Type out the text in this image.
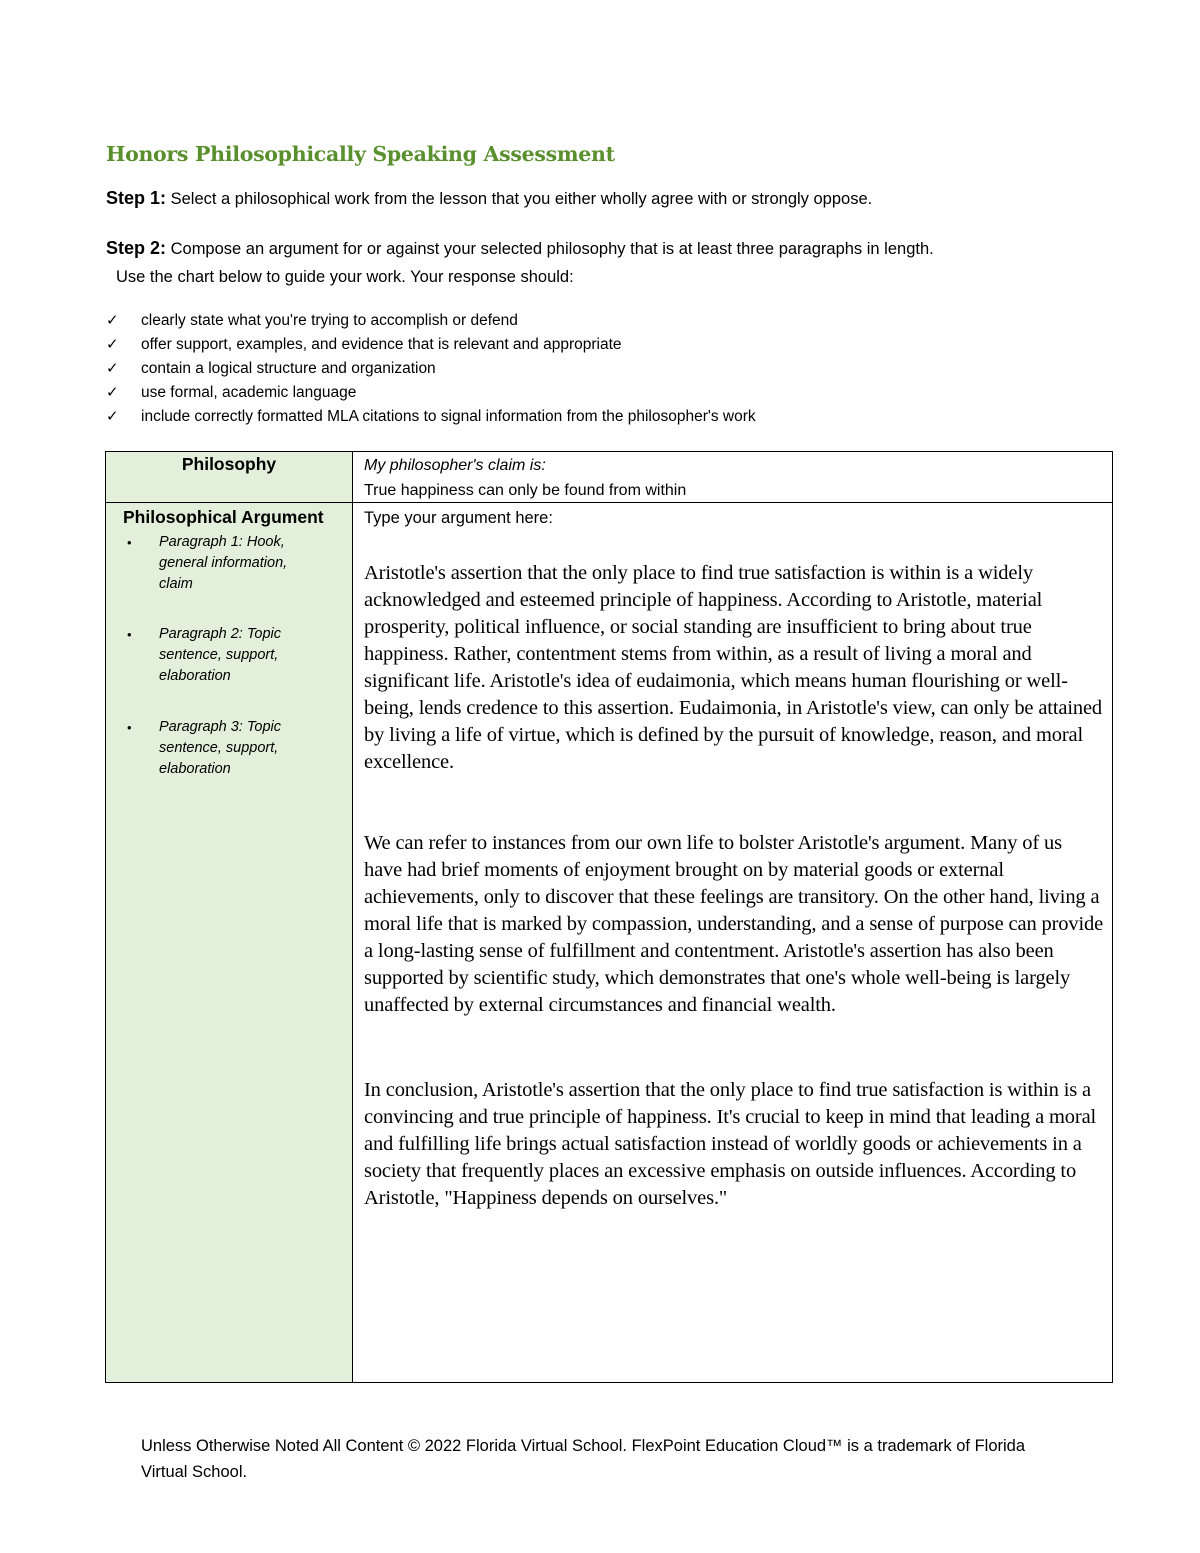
Honors Philosophically Speaking Assessment
Step 1: Select a philosophical work from the lesson that you either wholly agree with or strongly oppose.
Step 2: Compose an argument for or against your selected philosophy that is at least three paragraphs in length.
Use the chart below to guide your work. Your response should:
✓ clearly state what you're trying to accomplish or defend
✓ offer support, examples, and evidence that is relevant and appropriate
✓ contain a logical structure and organization
✓ use formal, academic language
✓ include correctly formatted MLA citations to signal information from the philosopher's work
Philosophy	My philosopher's claim is:
True happiness can only be found from within
Philosophical Argument
• Paragraph 1: Hook, general information, claim
• Paragraph 2: Topic sentence, support, elaboration
• Paragraph 3: Topic sentence, support, elaboration
Type your argument here:

Aristotle's assertion that the only place to find true satisfaction is within is a widely acknowledged and esteemed principle of happiness. According to Aristotle, material prosperity, political influence, or social standing are insufficient to bring about true happiness. Rather, contentment stems from within, as a result of living a moral and significant life. Aristotle's idea of eudaimonia, which means human flourishing or well-being, lends credence to this assertion. Eudaimonia, in Aristotle's view, can only be attained by living a life of virtue, which is defined by the pursuit of knowledge, reason, and moral excellence.

We can refer to instances from our own life to bolster Aristotle's argument. Many of us have had brief moments of enjoyment brought on by material goods or external achievements, only to discover that these feelings are transitory. On the other hand, living a moral life that is marked by compassion, understanding, and a sense of purpose can provide a long-lasting sense of fulfillment and contentment. Aristotle's assertion has also been supported by scientific study, which demonstrates that one's whole well-being is largely unaffected by external circumstances and financial wealth.

In conclusion, Aristotle's assertion that the only place to find true satisfaction is within is a convincing and true principle of happiness. It's crucial to keep in mind that leading a moral and fulfilling life brings actual satisfaction instead of worldly goods or achievements in a society that frequently places an excessive emphasis on outside influences. According to Aristotle, "Happiness depends on ourselves."

Unless Otherwise Noted All Content © 2022 Florida Virtual School. FlexPoint Education Cloud™ is a trademark of Florida Virtual School.
